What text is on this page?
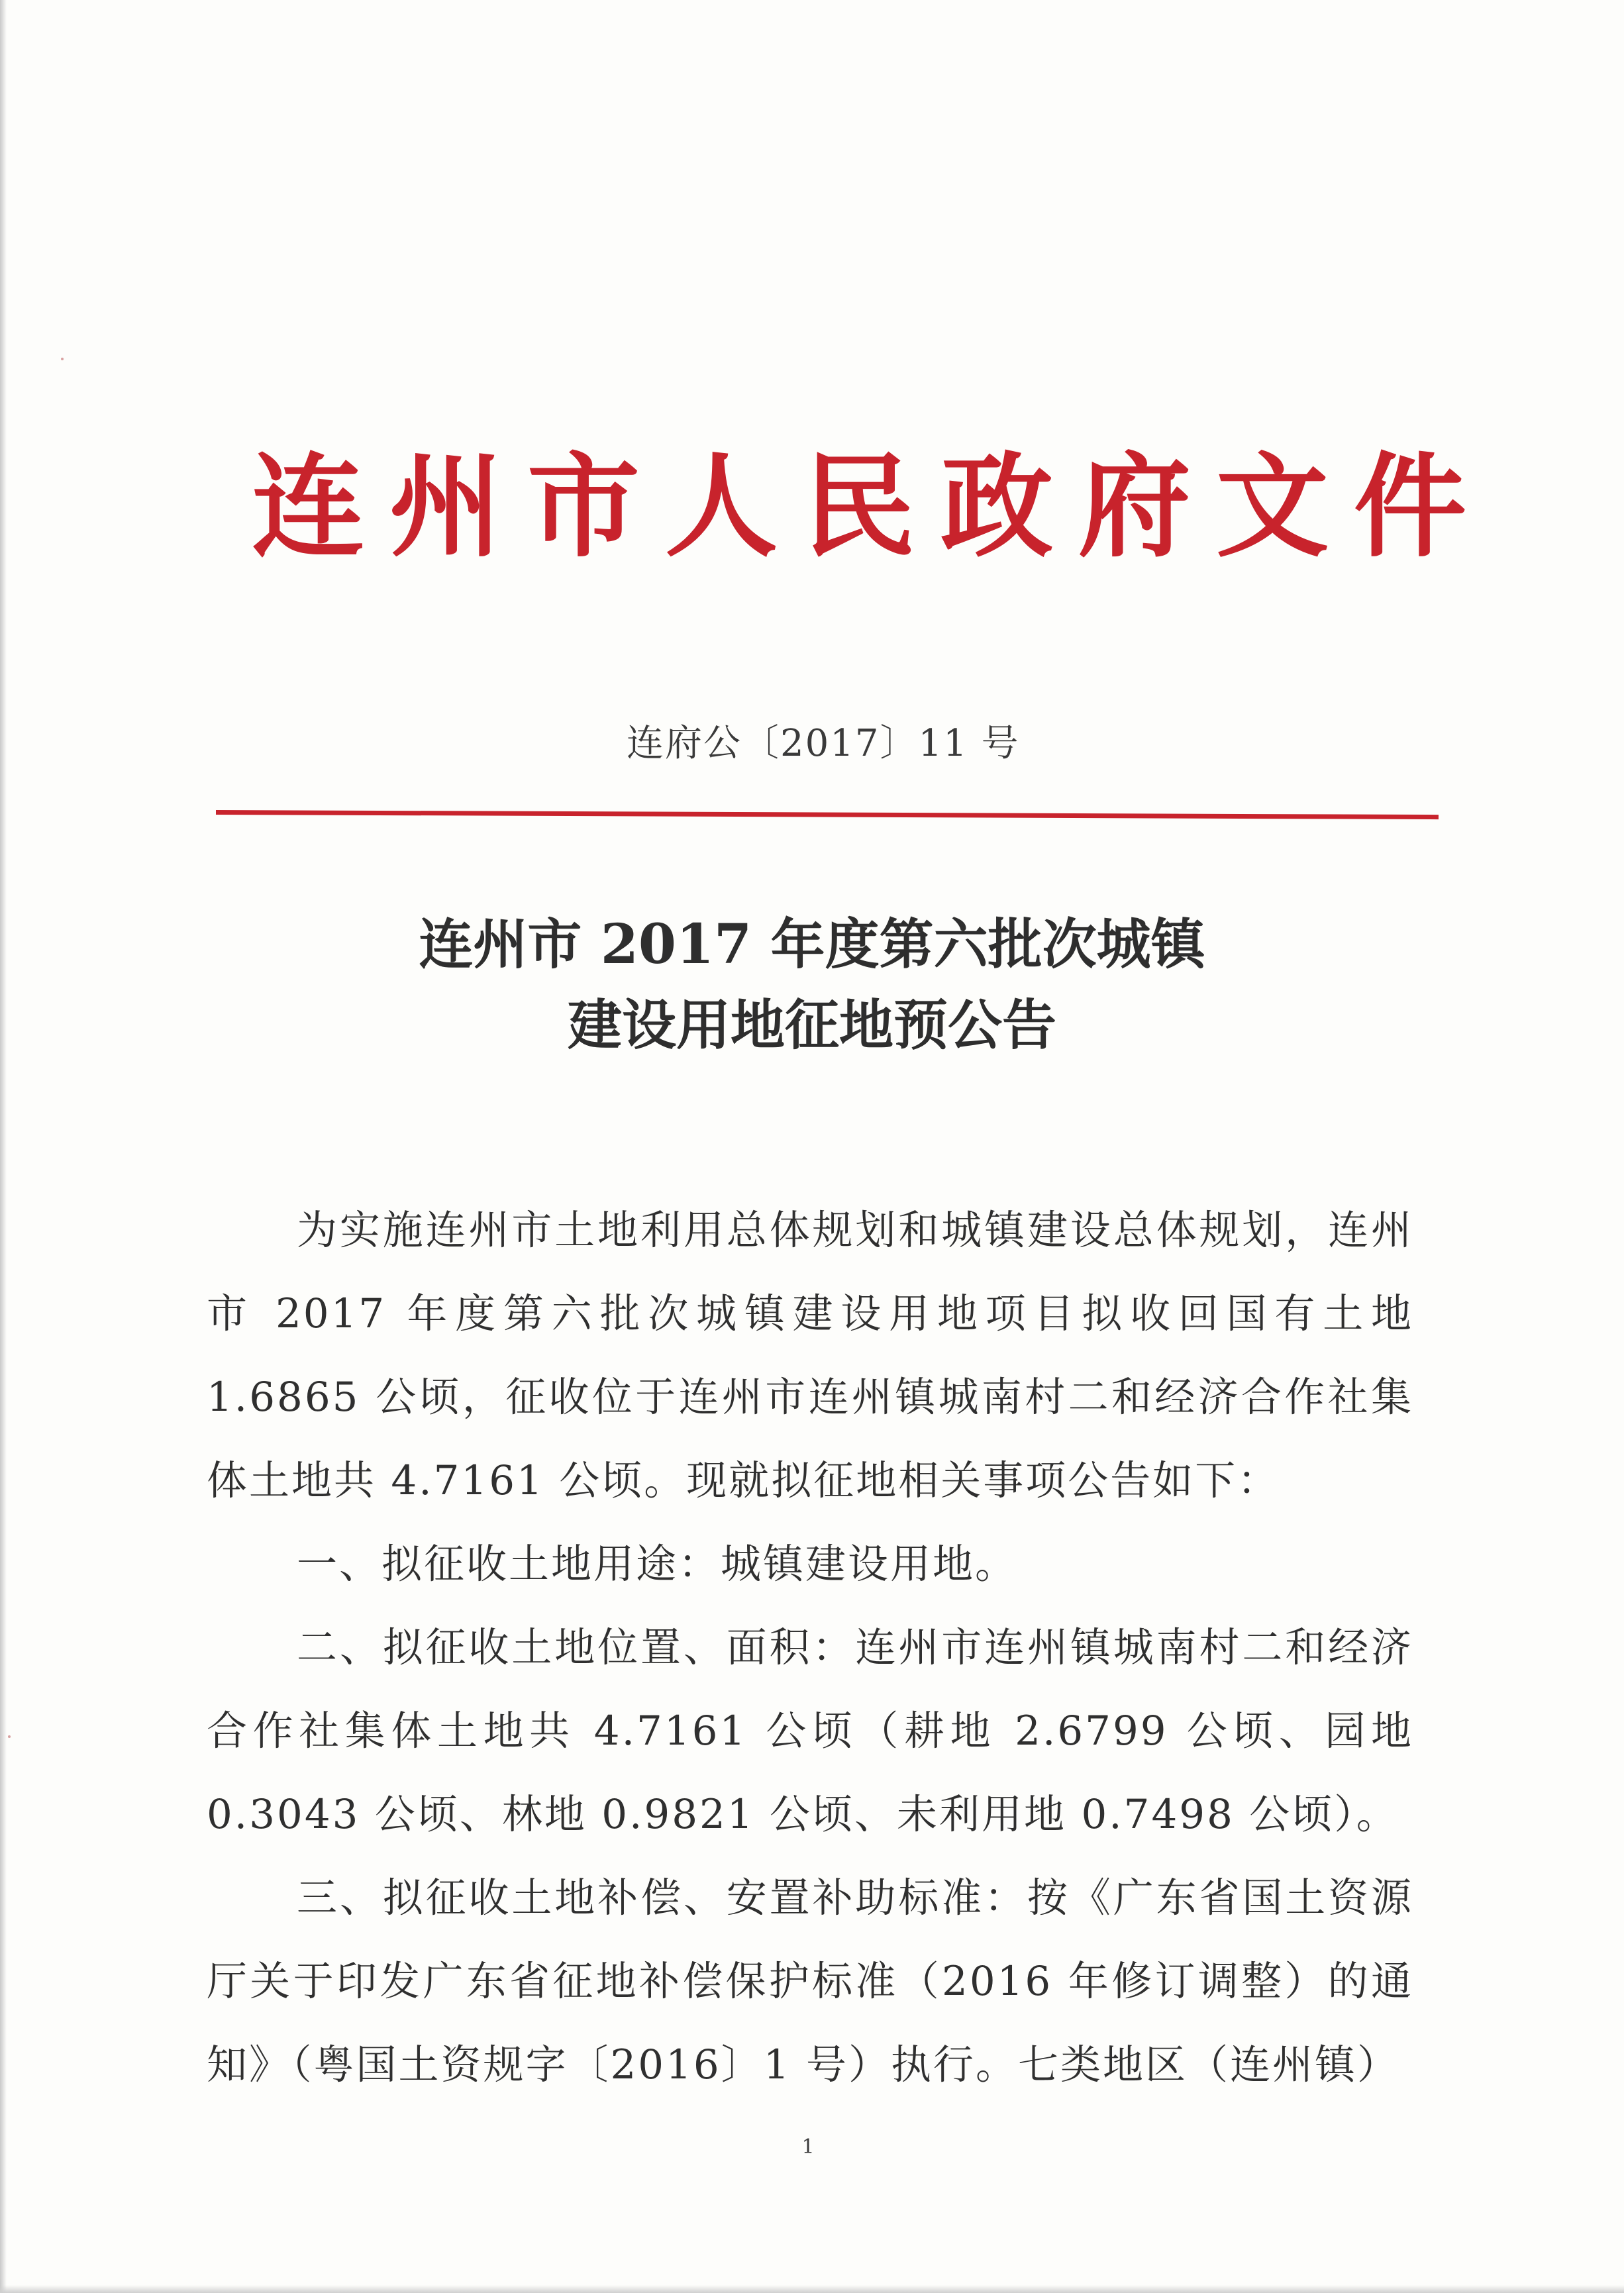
连州市人民政府文件
连府公〔2017〕11 号
连州市 2017 年度第六批次城镇
建设用地征地预公告

为实施连州市土地利用总体规划和城镇建设总体规划，连州市 2017 年度第六批次城镇建设用地项目拟收回国有土地 1.6865 公顷，征收位于连州市连州镇城南村二和经济合作社集体土地共 4.7161 公顷。现就拟征地相关事项公告如下：

一、拟征收土地用途：城镇建设用地。

二、拟征收土地位置、面积：连州市连州镇城南村二和经济合作社集体土地共 4.7161 公顷（耕地 2.6799 公顷、园地 0.3043 公顷、林地 0.9821 公顷、未利用地 0.7498 公顷）。

三、拟征收土地补偿、安置补助标准：按《广东省国土资源厅关于印发广东省征地补偿保护标准（2016 年修订调整）的通知》（粤国土资规字〔2016〕1 号）执行。七类地区（连州镇）

1
